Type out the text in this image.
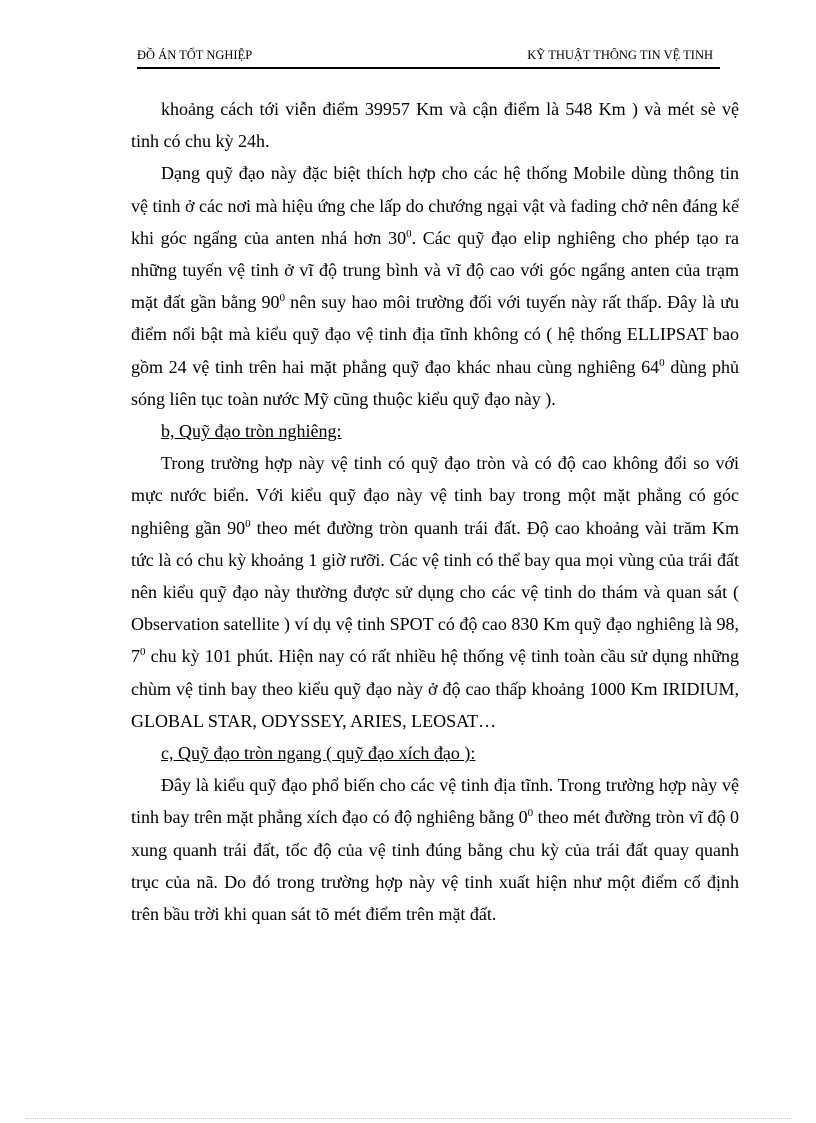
ĐỒ ÁN TỐT NGHIỆP	KỸ THUẬT THÔNG TIN VỆ TINH

khoảng cách tới viễn điểm 39957 Km và cận điểm là 548 Km ) và mét sè vệ tinh có chu kỳ 24h.

Dạng quỹ đạo này đặc biệt thích hợp cho các hệ thống Mobile dùng thông tin vệ tinh ở các nơi mà hiệu ứng che lấp do chướng ngại vật và fading chở nên đáng kể khi góc ngẩng của anten nhá hơn $30^0$. Các quỹ đạo elip nghiêng cho phép tạo ra những tuyến vệ tinh ở vĩ độ trung bình và vĩ độ cao với góc ngẩng anten của trạm mặt đất gần bằng $90^0$ nên suy hao môi trường đối với tuyến này rất thấp. Đây là ưu điểm nổi bật mà kiểu quỹ đạo vệ tinh địa tĩnh không có ( hệ thống ELLIPSAT bao gồm 24 vệ tinh trên hai mặt phẳng quỹ đạo khác nhau cùng nghiêng $64^0$ dùng phủ sóng liên tục toàn nước Mỹ cũng thuộc kiểu quỹ đạo này ).

b, Quỹ đạo tròn nghiêng:

Trong trường hợp này vệ tinh có quỹ đạo tròn và có độ cao không đổi so với mực nước biển. Với kiểu quỹ đạo này vệ tinh bay trong một mặt phẳng có góc nghiêng gần $90^0$ theo mét đường tròn quanh trái đất. Độ cao khoảng vài trăm Km tức là có chu kỳ khoảng 1 giờ rưỡi. Các vệ tinh có thể bay qua mọi vùng của trái đất nên kiểu quỹ đạo này thường được sử dụng cho các vệ tinh do thám và quan sát ( Observation satellite ) ví dụ vệ tinh SPOT có độ cao 830 Km quỹ đạo nghiêng là 98, $7^0$ chu kỳ 101 phút. Hiện nay có rất nhiều hệ thống vệ tinh toàn cầu sử dụng những chùm vệ tinh bay theo kiểu quỹ đạo này ở độ cao thấp khoảng 1000 Km IRIDIUM, GLOBAL STAR, ODYSSEY, ARIES, LEOSAT…

c, Quỹ đạo tròn ngang ( quỹ đạo xích đạo ):

Đây là kiểu quỹ đạo phổ biến cho các vệ tinh địa tĩnh. Trong trường hợp này vệ tinh bay trên mặt phẳng xích đạo có độ nghiêng bằng $0^0$ theo mét đường tròn vĩ độ 0 xung quanh trái đất, tốc độ của vệ tinh đúng bằng chu kỳ của trái đất quay quanh trục của nã. Do đó trong trường hợp này vệ tinh xuất hiện như một điểm cố định trên bầu trời khi quan sát tõ mét điểm trên mặt đất.
